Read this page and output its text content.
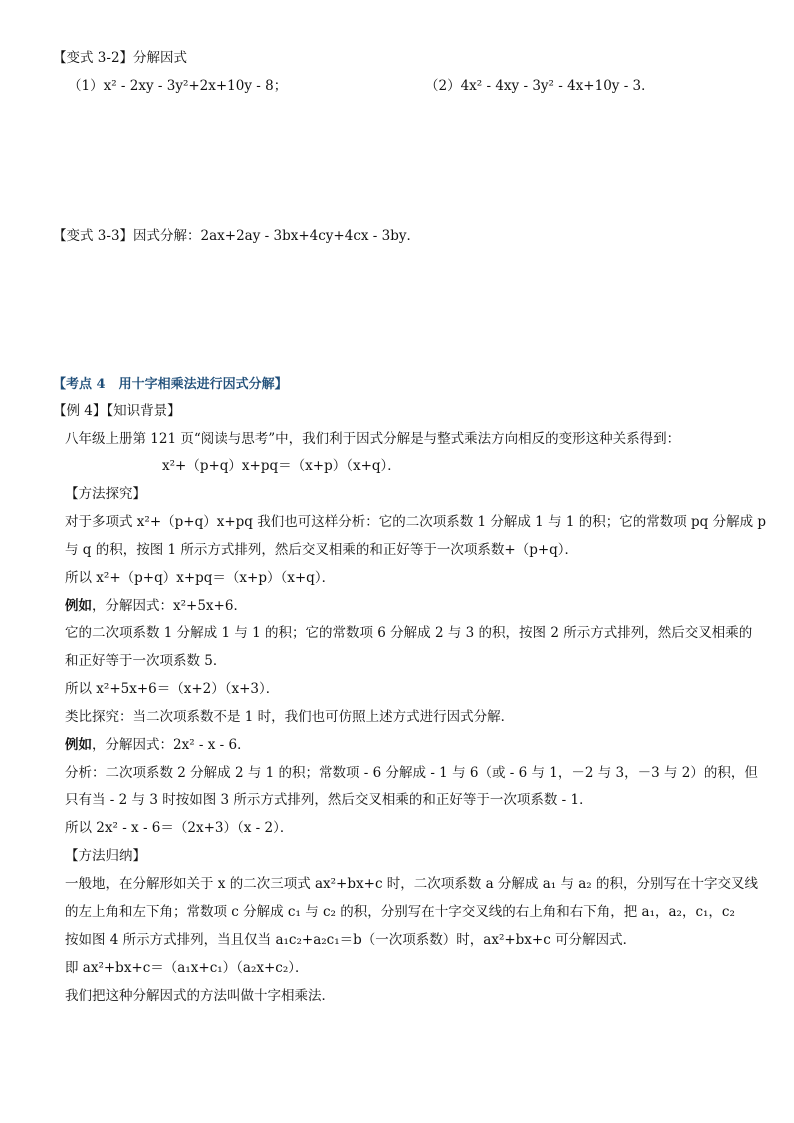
【变式 3-2】分解因式
（1）x² - 2xy - 3y²+2x+10y - 8；	（2）4x² - 4xy - 3y² - 4x+10y - 3．
【变式 3-3】因式分解：2ax+2ay - 3bx+4cy+4cx - 3by．
【考点 4　用十字相乘法进行因式分解】
【例 4】【知识背景】
八年级上册第 121 页“阅读与思考”中，我们利于因式分解是与整式乘法方向相反的变形这种关系得到：
x²+（p+q）x+pq＝（x+p）（x+q）．
【方法探究】
对于多项式 x²+（p+q）x+pq 我们也可这样分析：它的二次项系数 1 分解成 1 与 1 的积；它的常数项 pq 分解成 p
与 q 的积，按图 1 所示方式排列，然后交叉相乘的和正好等于一次项系数+（p+q）．
所以 x²+（p+q）x+pq＝（x+p）（x+q）．
例如，分解因式：x²+5x+6．
它的二次项系数 1 分解成 1 与 1 的积；它的常数项 6 分解成 2 与 3 的积，按图 2 所示方式排列，然后交叉相乘的
和正好等于一次项系数 5．
所以 x²+5x+6＝（x+2）（x+3）．
类比探究：当二次项系数不是 1 时，我们也可仿照上述方式进行因式分解．
例如，分解因式：2x² - x - 6．
分析：二次项系数 2 分解成 2 与 1 的积；常数项 - 6 分解成 - 1 与 6（或 - 6 与 1，－2 与 3，－3 与 2）的积，但
只有当 - 2 与 3 时按如图 3 所示方式排列，然后交叉相乘的和正好等于一次项系数 - 1．
所以 2x² - x - 6＝（2x+3）（x - 2）．
【方法归纳】
一般地，在分解形如关于 x 的二次三项式 ax²+bx+c 时，二次项系数 a 分解成 a₁ 与 a₂ 的积，分别写在十字交叉线
的左上角和左下角；常数项 c 分解成 c₁ 与 c₂ 的积，分别写在十字交叉线的右上角和右下角，把 a₁，a₂，c₁，c₂
按如图 4 所示方式排列，当且仅当 a₁c₂+a₂c₁＝b（一次项系数）时，ax²+bx+c 可分解因式．
即 ax²+bx+c＝（a₁x+c₁）（a₂x+c₂）．
我们把这种分解因式的方法叫做十字相乘法．
